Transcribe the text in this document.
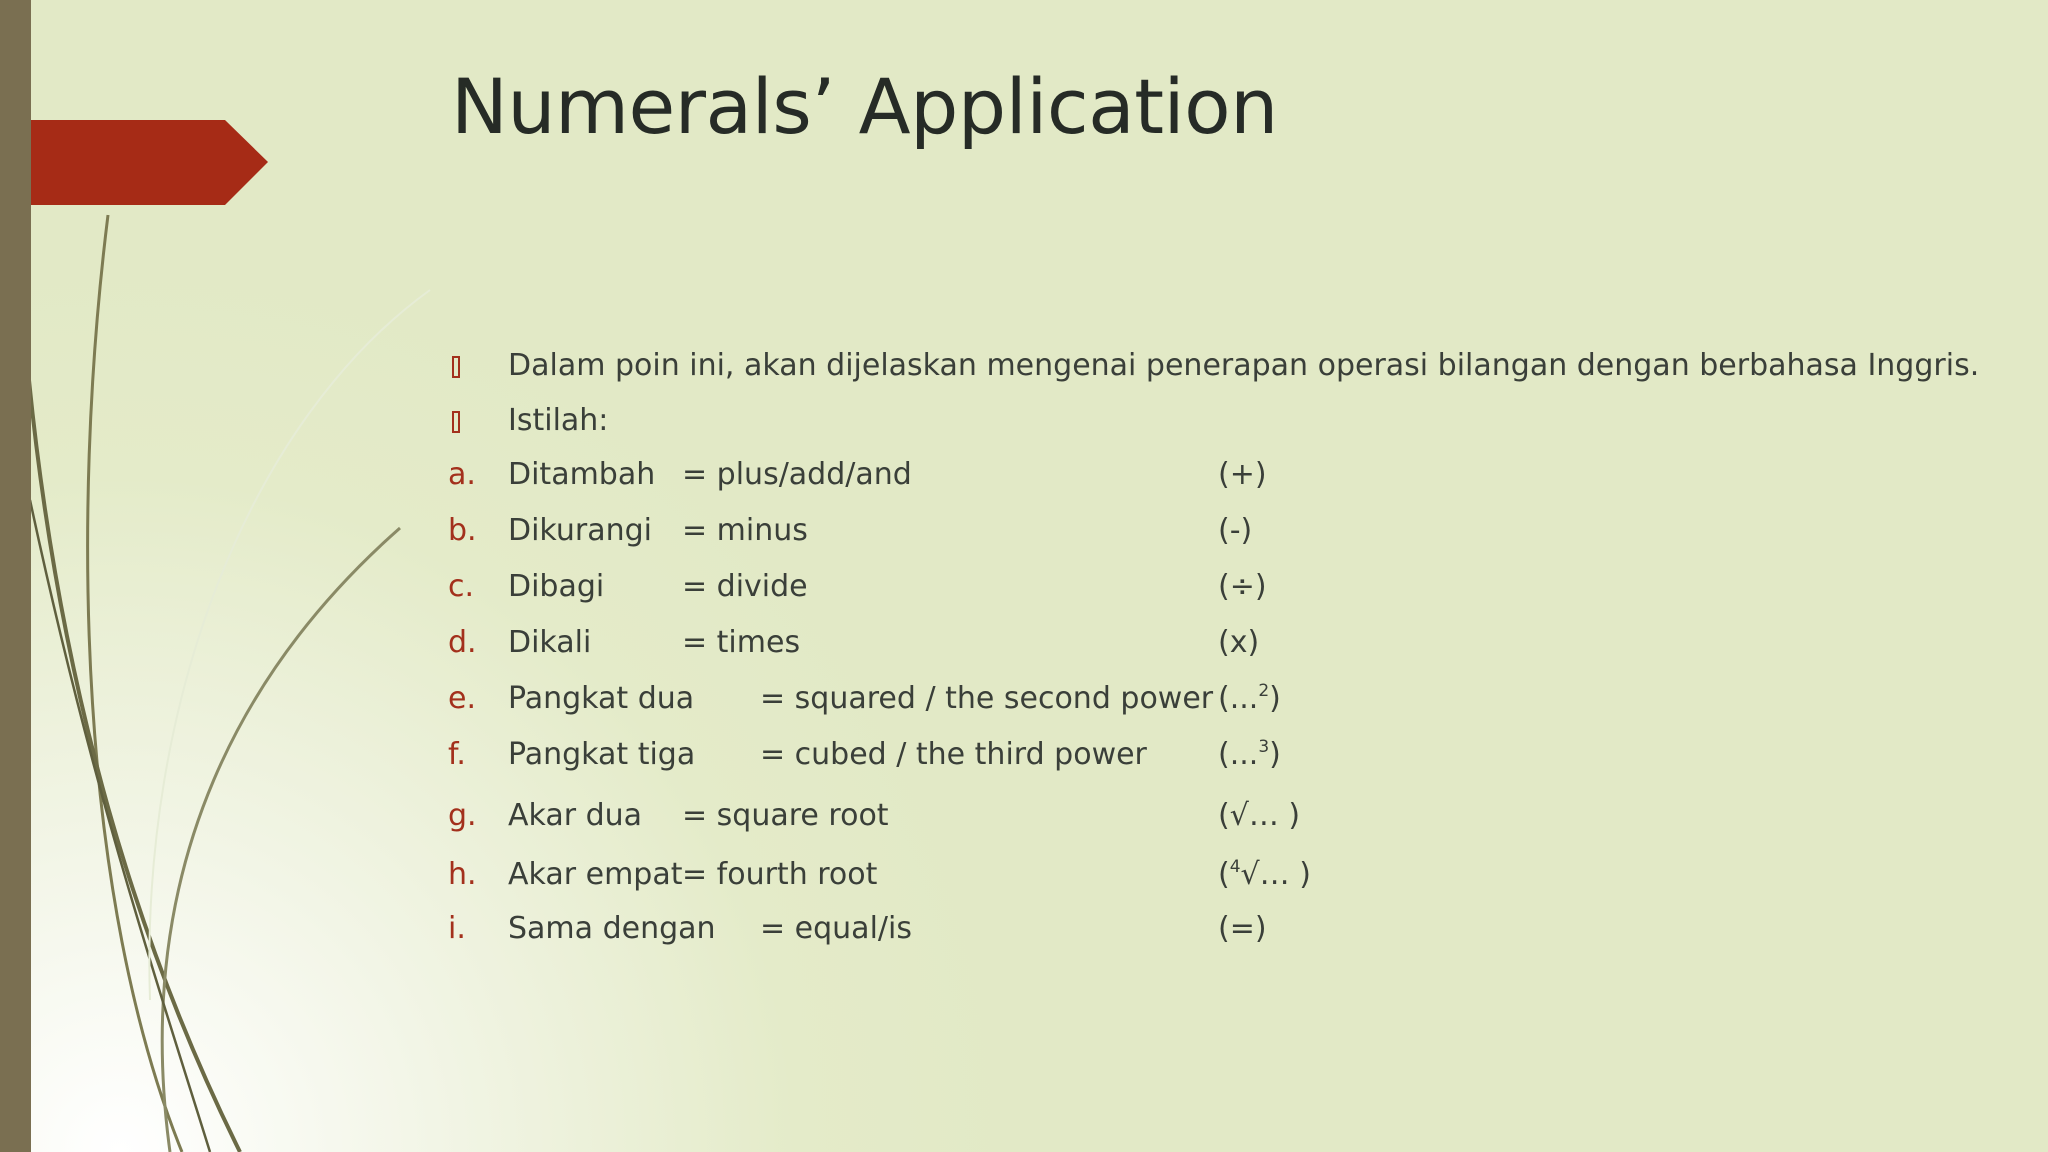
Numerals’ Application
Dalam poin ini, akan dijelaskan mengenai penerapan operasi bilangan dengan berbahasa Inggris.
Istilah:
a. Ditambah = plus/add/and	(+)
b. Dikurangi = minus	(-)
c. Dibagi	= divide	(÷)
d. Dikali	= times	(x)
e. Pangkat dua = squared / the second power (...$^2$)
f. Pangkat tiga = cubed / the third power (...$^3$)
g. Akar dua = square root	(√… )
h. Akar empat = fourth root	($^4$√… )
i. Sama dengan = equal/is	(=)
